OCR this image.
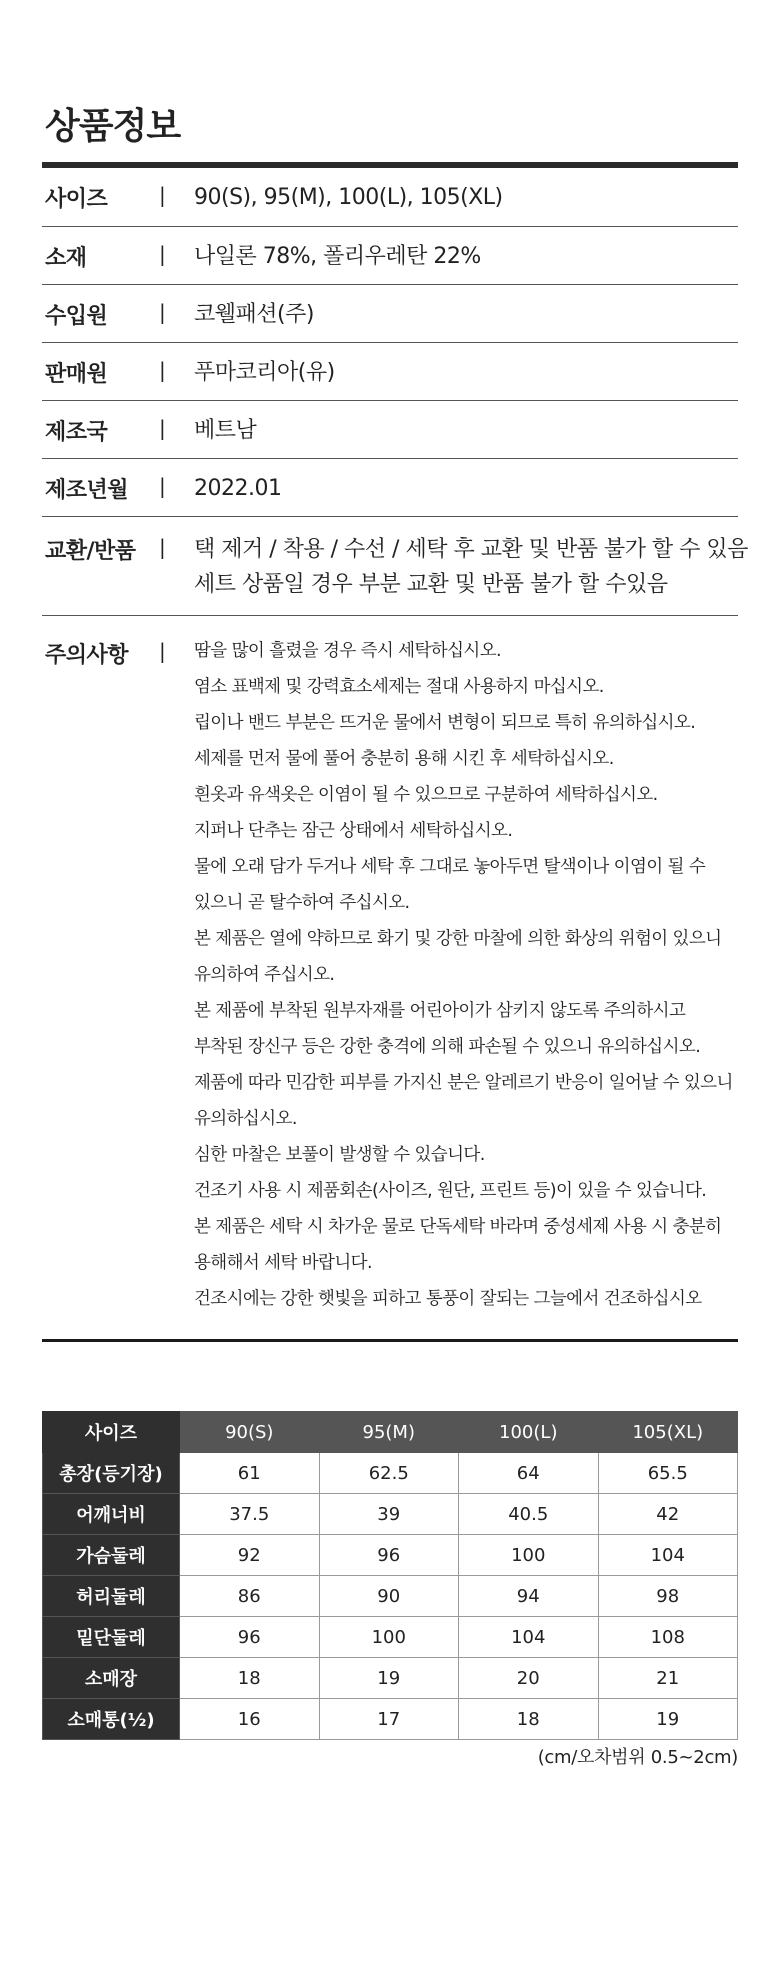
상품정보
사이즈	| 90(S), 95(M), 100(L), 105(XL)
소재	| 나일론 78%, 폴리우레탄 22%
수입원	| 코웰패션(주)
판매원	| 푸마코리아(유)
제조국	| 베트남
제조년월 | 2022.01
교환/반품 | 택 제거 / 착용 / 수선 / 세탁 후 교환 및 반품 불가 할 수 있음
세트 상품일 경우 부분 교환 및 반품 불가 할 수있음
주의사항 | 땀을 많이 흘렸을 경우 즉시 세탁하십시오.
염소 표백제 및 강력효소세제는 절대 사용하지 마십시오.
립이나 밴드 부분은 뜨거운 물에서 변형이 되므로 특히 유의하십시오.
세제를 먼저 물에 풀어 충분히 용해 시킨 후 세탁하십시오.
흰옷과 유색옷은 이염이 될 수 있으므로 구분하여 세탁하십시오.
지퍼나 단추는 잠근 상태에서 세탁하십시오.
물에 오래 담가 두거나 세탁 후 그대로 놓아두면 탈색이나 이염이 될 수
있으니 곧 탈수하여 주십시오.
본 제품은 열에 약하므로 화기 및 강한 마찰에 의한 화상의 위험이 있으니
유의하여 주십시오.
본 제품에 부착된 원부자재를 어린아이가 삼키지 않도록 주의하시고
부착된 장신구 등은 강한 충격에 의해 파손될 수 있으니 유의하십시오.
제품에 따라 민감한 피부를 가지신 분은 알레르기 반응이 일어날 수 있으니
유의하십시오.
심한 마찰은 보풀이 발생할 수 있습니다.
건조기 사용 시 제품회손(사이즈, 원단, 프린트 등)이 있을 수 있습니다.
본 제품은 세탁 시 차가운 물로 단독세탁 바라며 중성세제 사용 시 충분히
용해해서 세탁 바랍니다.
건조시에는 강한 햇빛을 피하고 통풍이 잘되는 그늘에서 건조하십시오
사이즈	90(S)	95(M)	100(L)	105(XL)
총장(등기장)	61	62.5	64	65.5
어깨너비	37.5	39	40.5	42
가슴둘레	92	96	100	104
허리둘레	86	90	94	98
밑단둘레	96	100	104	108
소매장	18	19	20	21
소매통(½)	16	17	18	19
(cm/오차범위 0.5~2cm)
